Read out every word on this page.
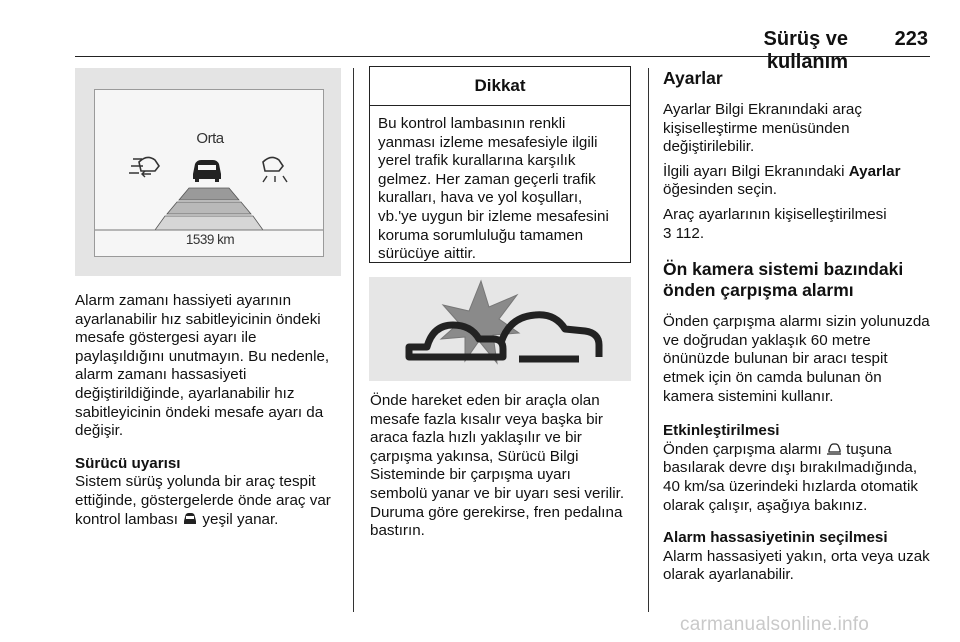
Sürüş ve kullanım
223
Orta
1539 km

Alarm zamanı hassiyeti ayarının ayarlanabilir hız sabitleyicinin öndeki mesafe göstergesi ayarı ile paylaşıldığını unutmayın. Bu nedenle, alarm zamanı hassasiyeti değiştirildiğinde, ayarlanabilir hız sabitleyicinin öndeki mesafe ayarı da değişir.

Sürücü uyarısı
Sistem sürüş yolunda bir araç tespit ettiğinde, göstergelerde önde araç var kontrol lambası  yeşil yanar.

Dikkat
Bu kontrol lambasının renkli yanması izleme mesafesiyle ilgili yerel trafik kurallarına karşılık gelmez. Her zaman geçerli trafik kuralları, hava ve yol koşulları, vb.'ye uygun bir izleme mesafesini koruma sorumluluğu tamamen sürücüye aittir.

Önde hareket eden bir araçla olan mesafe fazla kısalır veya başka bir araca fazla hızlı yaklaşılır ve bir çarpışma yakınsa, Sürücü Bilgi Sisteminde bir çarpışma uyarı sembolü yanar ve bir uyarı sesi verilir. Duruma göre gerekirse, fren pedalına bastırın.

Ayarlar

Ayarlar Bilgi Ekranındaki araç kişiselleştirme menüsünden değiştirilebilir.

İlgili ayarı Bilgi Ekranındaki Ayarlar öğesinden seçin.

Araç ayarlarının kişiselleştirilmesi
3 112.

Ön kamera sistemi bazındaki önden çarpışma alarmı

Önden çarpışma alarmı sizin yolunuzda ve doğrudan yaklaşık 60 metre önünüzde bulunan bir aracı tespit etmek için ön camda bulunan ön kamera sistemini kullanır.

Etkinleştirilmesi
Önden çarpışma alarmı  tuşuna basılarak devre dışı bırakılmadığında, 40 km/sa üzerindeki hızlarda otomatik olarak çalışır, aşağıya bakınız.

Alarm hassasiyetinin seçilmesi
Alarm hassasiyeti yakın, orta veya uzak olarak ayarlanabilir.

carmanualsonline.info
